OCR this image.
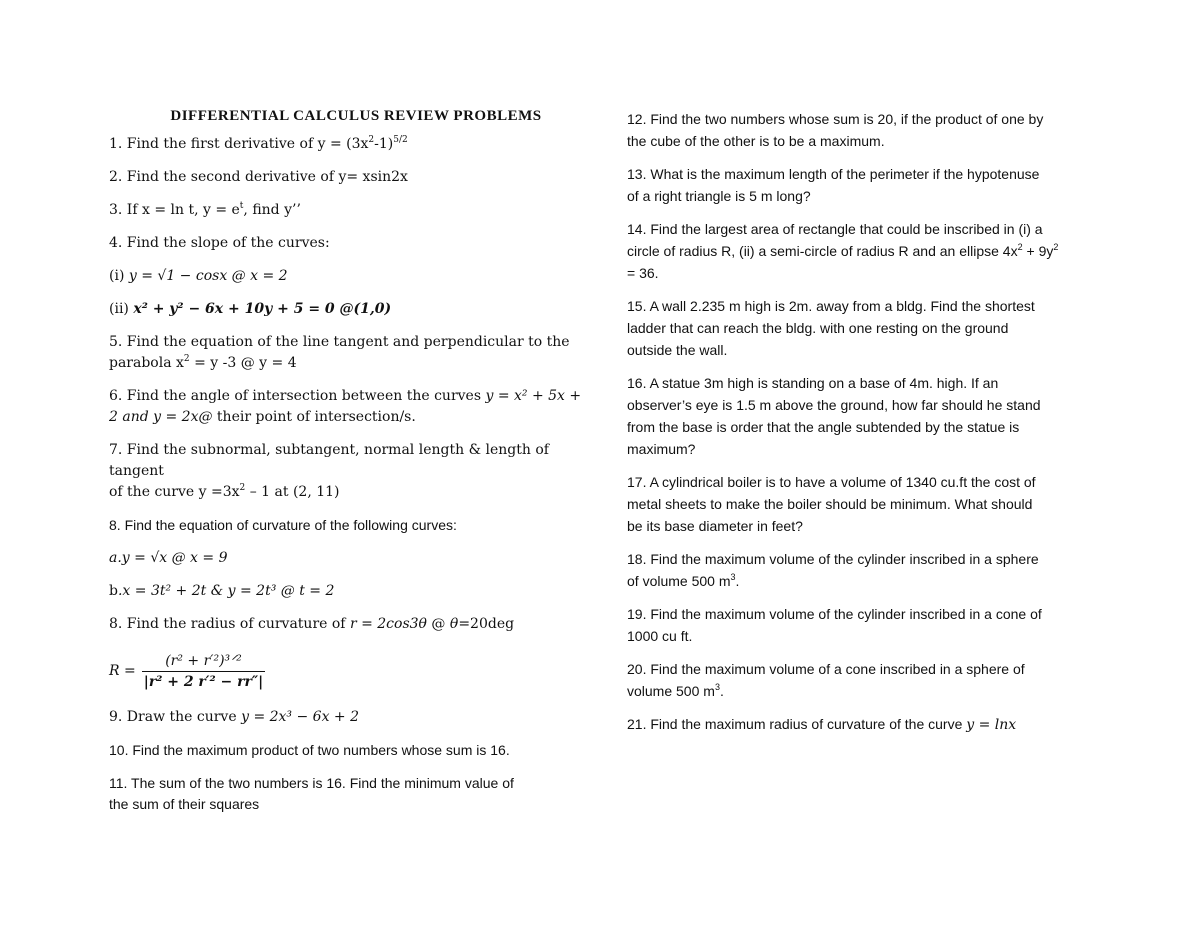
DIFFERENTIAL CALCULUS REVIEW PROBLEMS
1. Find the first derivative of $y = (3x^2-1)^{5/2}$
2. Find the second derivative of y= xsin2x
3. If x = ln t, $y = e^t$, find y’’
4. Find the slope of the curves:
(i) y = √1 − cosx @ x = 2
(ii) x² + y² − 6x + 10y + 5 = 0 @(1,0)
5. Find the equation of the line tangent and perpendicular to the
parabola $x^2 = y$ -3 @ y = 4
6. Find the angle of intersection between the curves y = x² + 5x +
2 and y = 2x@ their point of intersection/s.
7. Find the subnormal, subtangent, normal length & length of tangent
of the curve $y =3x^2 - 1$ at (2, 11)
8. Find the equation of curvature of the following curves:
a.y = √x @ x = 9
b.x = 3t² + 2t & y = 2t³ @ t = 2
8. Find the radius of curvature of r = 2cos3θ @ θ=20deg
$R = \frac{\text{(r² + r′²)³ᐟ²}}{\text{|r² + 2 r′² − rr″|}}$
9. Draw the curve y = 2x³ − 6x + 2
10. Find the maximum product of two numbers whose sum is 16.
11. The sum of the two numbers is 16. Find the minimum value of
the sum of their squares
12. Find the two numbers whose sum is 20, if the product of one by
the cube of the other is to be a maximum.
13. What is the maximum length of the perimeter if the hypotenuse
of a right triangle is 5 m long?
14. Find the largest area of rectangle that could be inscribed in (i) a
circle of radius R, (ii) a semi-circle of radius R and an ellipse $4x^2 + 9y^2$
= 36.
15. A wall 2.235 m high is 2m. away from a bldg. Find the shortest
ladder that can reach the bldg. with one resting on the ground
outside the wall.
16. A statue 3m high is standing on a base of 4m. high. If an
observer’s eye is 1.5 m above the ground, how far should he stand
from the base is order that the angle subtended by the statue is
maximum?
17. A cylindrical boiler is to have a volume of 1340 cu.ft the cost of
metal sheets to make the boiler should be minimum. What should
be its base diameter in feet?
18. Find the maximum volume of the cylinder inscribed in a sphere
of volume 500 $m^3$.
19. Find the maximum volume of the cylinder inscribed in a cone of
1000 cu ft.
20. Find the maximum volume of a cone inscribed in a sphere of
volume 500 $m^3$.
21. Find the maximum radius of curvature of the curve y = lnx
